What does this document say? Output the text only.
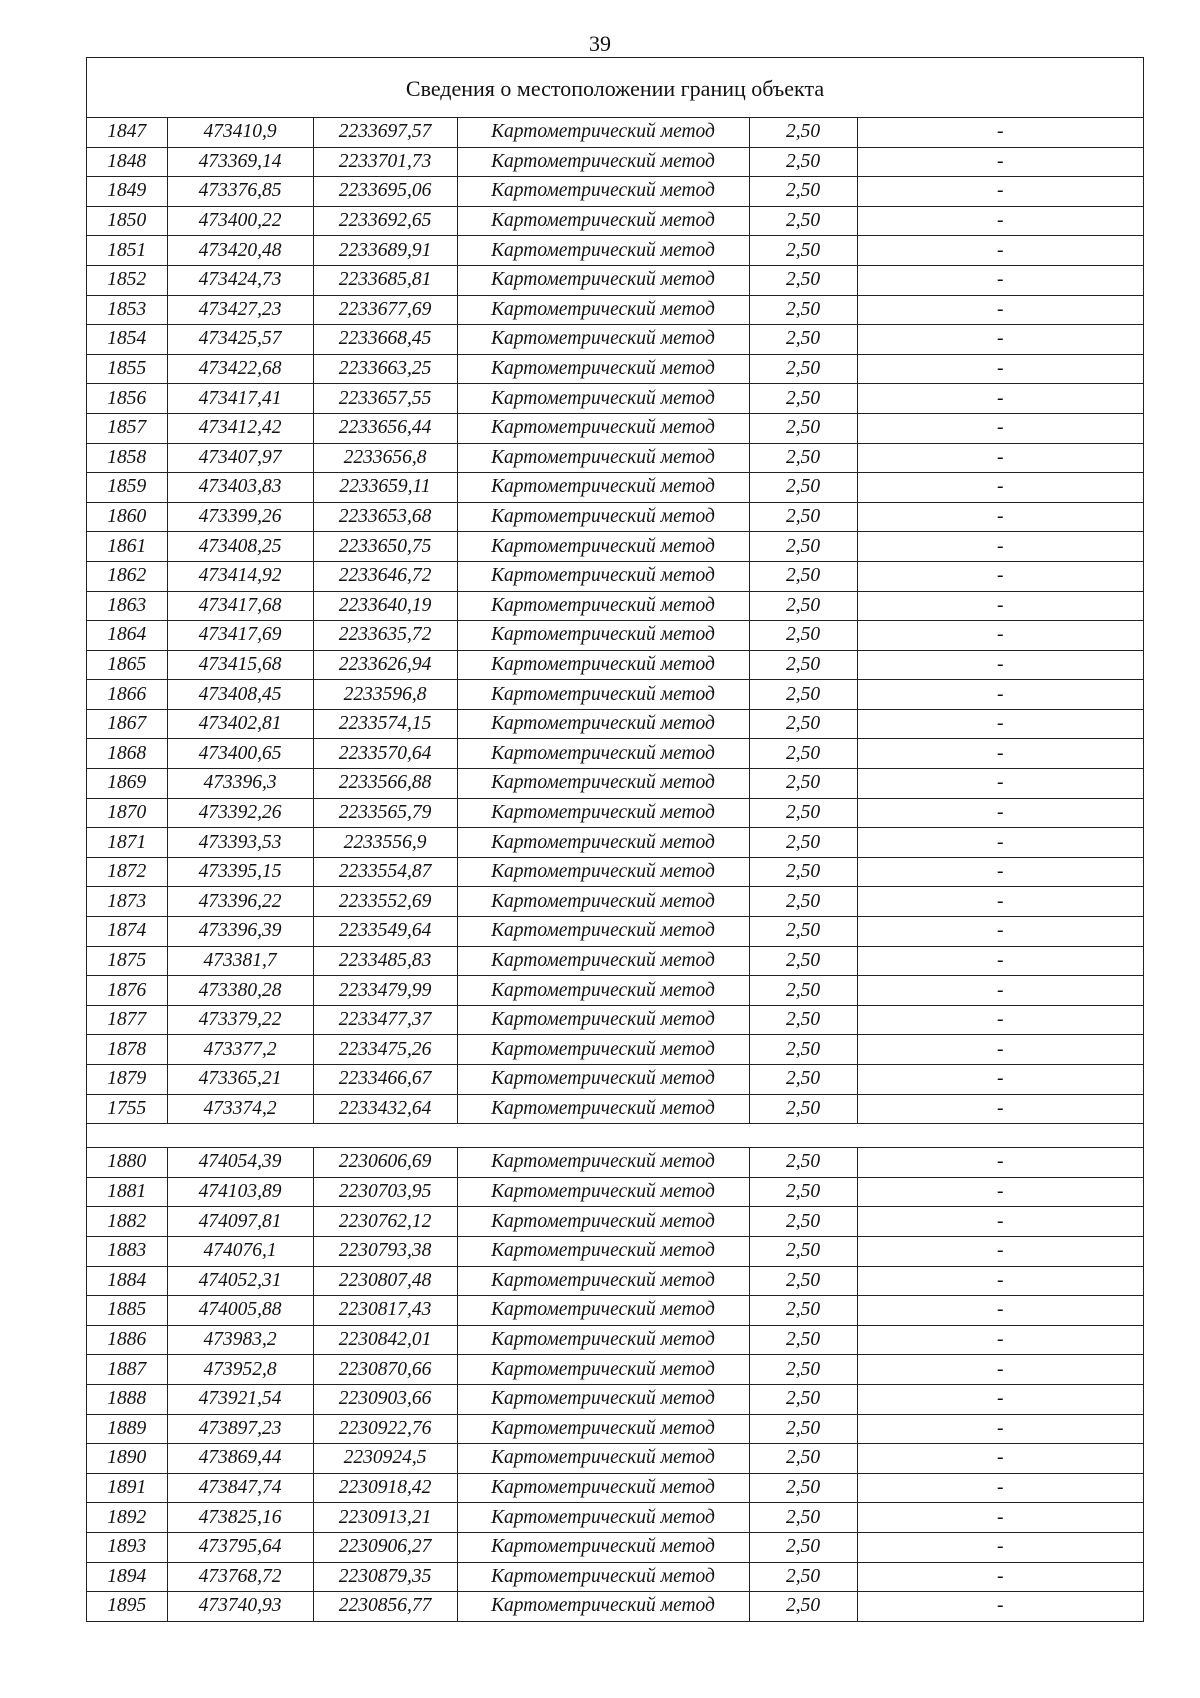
39
Сведения о местоположении границ объекта
1847	473410,9	2233697,57	Картометрический метод	2,50	-
1848	473369,14	2233701,73	Картометрический метод	2,50	-
1849	473376,85	2233695,06	Картометрический метод	2,50	-
1850	473400,22	2233692,65	Картометрический метод	2,50	-
1851	473420,48	2233689,91	Картометрический метод	2,50	-
1852	473424,73	2233685,81	Картометрический метод	2,50	-
1853	473427,23	2233677,69	Картометрический метод	2,50	-
1854	473425,57	2233668,45	Картометрический метод	2,50	-
1855	473422,68	2233663,25	Картометрический метод	2,50	-
1856	473417,41	2233657,55	Картометрический метод	2,50	-
1857	473412,42	2233656,44	Картометрический метод	2,50	-
1858	473407,97	2233656,8	Картометрический метод	2,50	-
1859	473403,83	2233659,11	Картометрический метод	2,50	-
1860	473399,26	2233653,68	Картометрический метод	2,50	-
1861	473408,25	2233650,75	Картометрический метод	2,50	-
1862	473414,92	2233646,72	Картометрический метод	2,50	-
1863	473417,68	2233640,19	Картометрический метод	2,50	-
1864	473417,69	2233635,72	Картометрический метод	2,50	-
1865	473415,68	2233626,94	Картометрический метод	2,50	-
1866	473408,45	2233596,8	Картометрический метод	2,50	-
1867	473402,81	2233574,15	Картометрический метод	2,50	-
1868	473400,65	2233570,64	Картометрический метод	2,50	-
1869	473396,3	2233566,88	Картометрический метод	2,50	-
1870	473392,26	2233565,79	Картометрический метод	2,50	-
1871	473393,53	2233556,9	Картометрический метод	2,50	-
1872	473395,15	2233554,87	Картометрический метод	2,50	-
1873	473396,22	2233552,69	Картометрический метод	2,50	-
1874	473396,39	2233549,64	Картометрический метод	2,50	-
1875	473381,7	2233485,83	Картометрический метод	2,50	-
1876	473380,28	2233479,99	Картометрический метод	2,50	-
1877	473379,22	2233477,37	Картометрический метод	2,50	-
1878	473377,2	2233475,26	Картометрический метод	2,50	-
1879	473365,21	2233466,67	Картометрический метод	2,50	-
1755	473374,2	2233432,64	Картометрический метод	2,50	-

1880	474054,39	2230606,69	Картометрический метод	2,50	-
1881	474103,89	2230703,95	Картометрический метод	2,50	-
1882	474097,81	2230762,12	Картометрический метод	2,50	-
1883	474076,1	2230793,38	Картометрический метод	2,50	-
1884	474052,31	2230807,48	Картометрический метод	2,50	-
1885	474005,88	2230817,43	Картометрический метод	2,50	-
1886	473983,2	2230842,01	Картометрический метод	2,50	-
1887	473952,8	2230870,66	Картометрический метод	2,50	-
1888	473921,54	2230903,66	Картометрический метод	2,50	-
1889	473897,23	2230922,76	Картометрический метод	2,50	-
1890	473869,44	2230924,5	Картометрический метод	2,50	-
1891	473847,74	2230918,42	Картометрический метод	2,50	-
1892	473825,16	2230913,21	Картометрический метод	2,50	-
1893	473795,64	2230906,27	Картометрический метод	2,50	-
1894	473768,72	2230879,35	Картометрический метод	2,50	-
1895	473740,93	2230856,77	Картометрический метод	2,50	-
